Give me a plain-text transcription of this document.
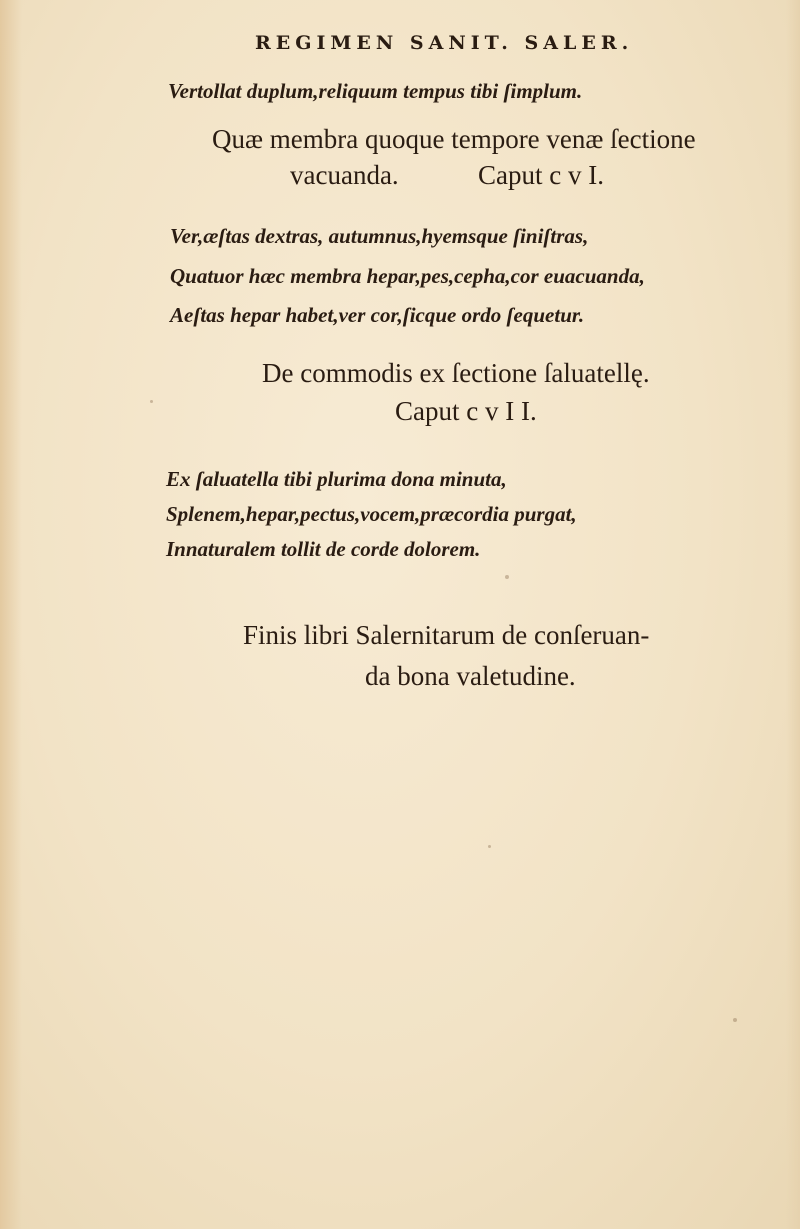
REGIMEN SANIT. SALER.
Vertollat duplum,reliquum tempus tibi ſimplum.
Quæ membra quoque tempore venæ ſectione
vacuanda.	Caput c v I.
Ver,æſtas dextras, autumnus,hyemsque ſiniſtras,
Quatuor hæc membra hepar,pes,cepha,cor euacuanda,
Aeſtas hepar habet,ver cor,ſicque ordo ſequetur.
De commodis ex ſectione ſaluatellę.
Caput c v I I.
Ex ſaluatella tibi plurima dona minuta,
Splenem,hepar,pectus,vocem,præcordia purgat,
Innaturalem tollit de corde dolorem.
Finis libri Salernitarum de conſeruan-
da bona valetudine.
